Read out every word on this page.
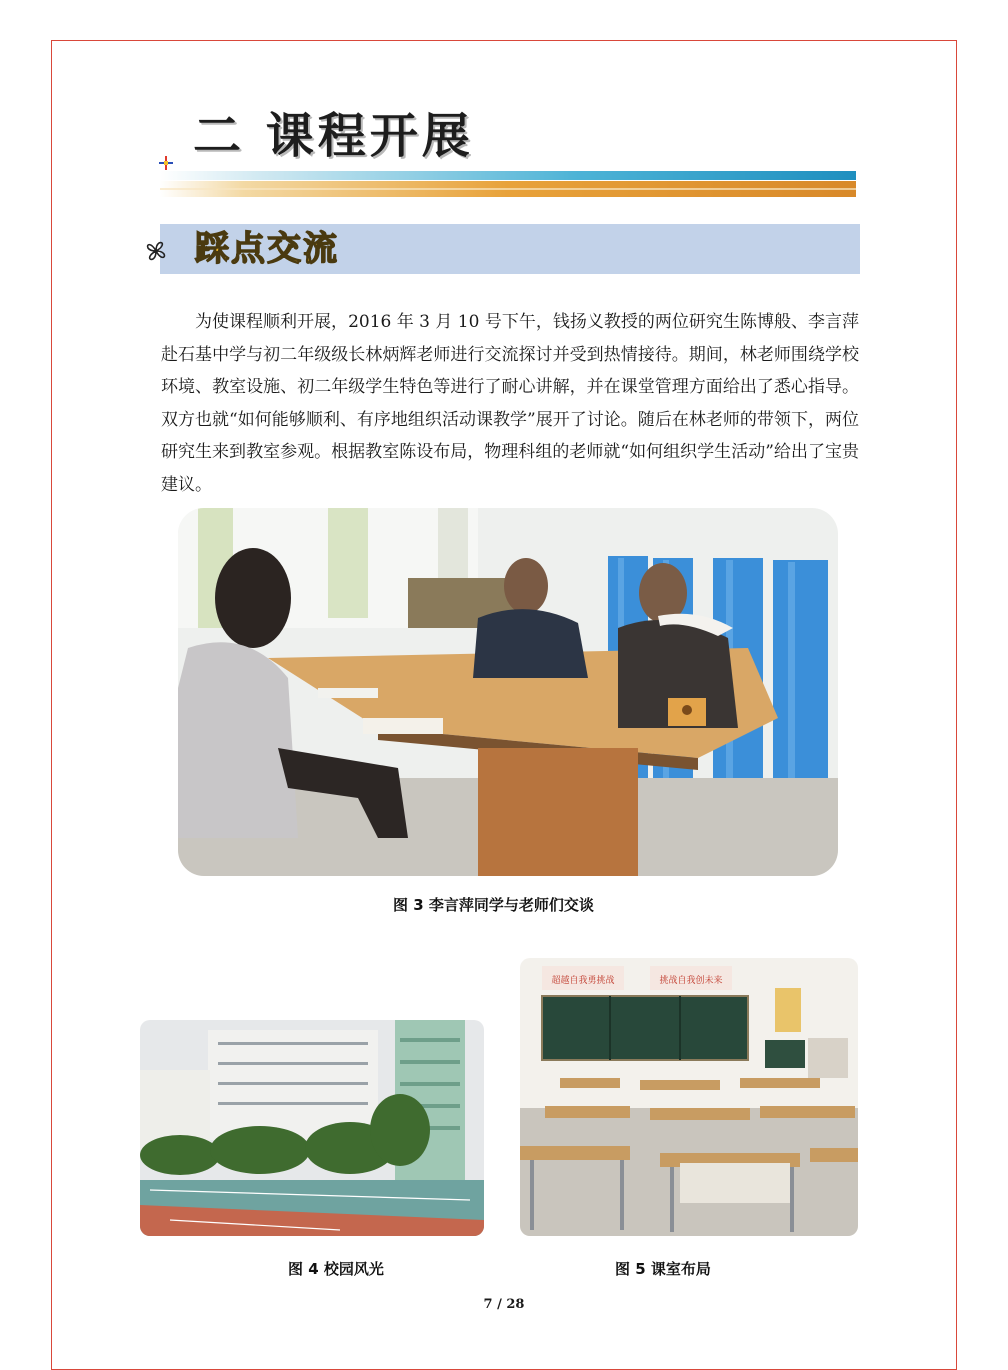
二 课程开展
踩点交流

为使课程顺利开展，2016 年 3 月 10 号下午，钱扬义教授的两位研究生陈博般、李言萍赴石基中学与初二年级级长林炳辉老师进行交流探讨并受到热情接待。期间，林老师围绕学校环境、教室设施、初二年级学生特色等进行了耐心讲解，并在课堂管理方面给出了悉心指导。双方也就“如何能够顺利、有序地组织活动课教学”展开了讨论。随后在林老师的带领下，两位研究生来到教室参观。根据教室陈设布局，物理科组的老师就“如何组织学生活动”给出了宝贵建议。

图 3 李言萍同学与老师们交谈
图 4 校园风光
超越自我勇挑战	挑战自我创未来
图 5 课室布局
7 / 28
